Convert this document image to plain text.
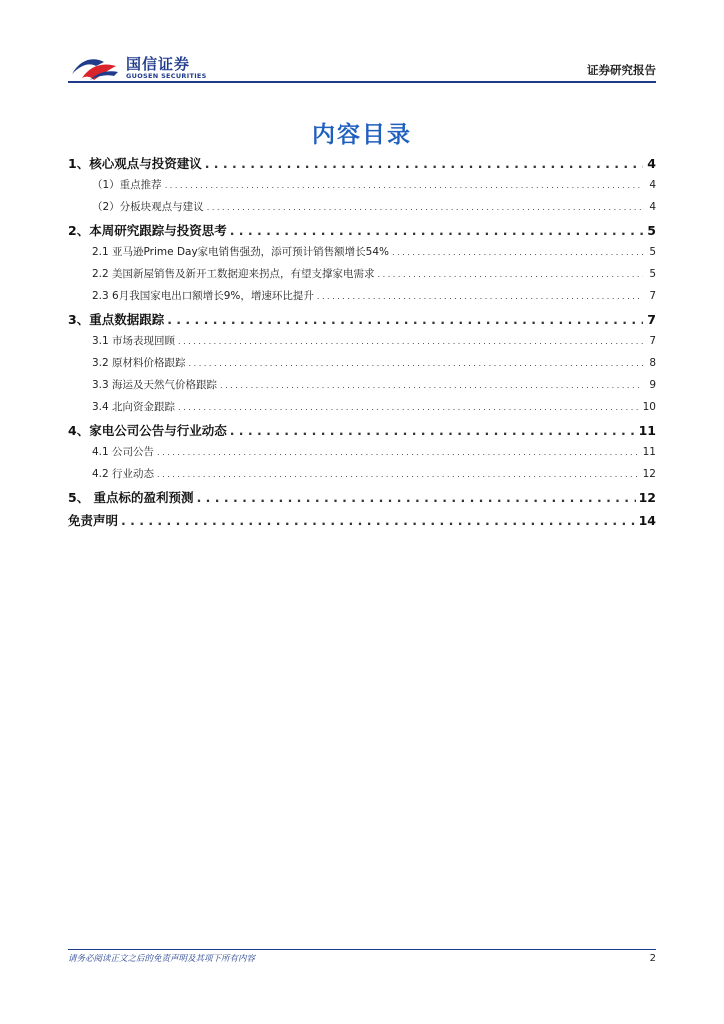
国信证券
GUOSEN SECURITIES	证券研究报告
内容目录
1、核心观点与投资建议 . . .	4
（1）重点推荐 . . .	4
（2）分板块观点与建议 . . .	4
2、本周研究跟踪与投资思考 . . .	5
2.1 亚马逊Prime Day家电销售强劲，添可预计销售额增长54% . . .	5
2.2 美国新屋销售及新开工数据迎来拐点，有望支撑家电需求 . . .	5
2.3 6月我国家电出口额增长9%，增速环比提升 . . .	7
3、重点数据跟踪 . . .	7
3.1 市场表现回顾 . . .	7
3.2 原材料价格跟踪 . . .	8
3.3 海运及天然气价格跟踪 . . .	9
3.4 北向资金跟踪 . . .	10
4、家电公司公告与行业动态 . . .	11
4.1 公司公告 . . .	11
4.2 行业动态 . . .	12
5、 重点标的盈利预测 . . .	12
免责声明 . . .	14
请务必阅读正文之后的免责声明及其项下所有内容	2
